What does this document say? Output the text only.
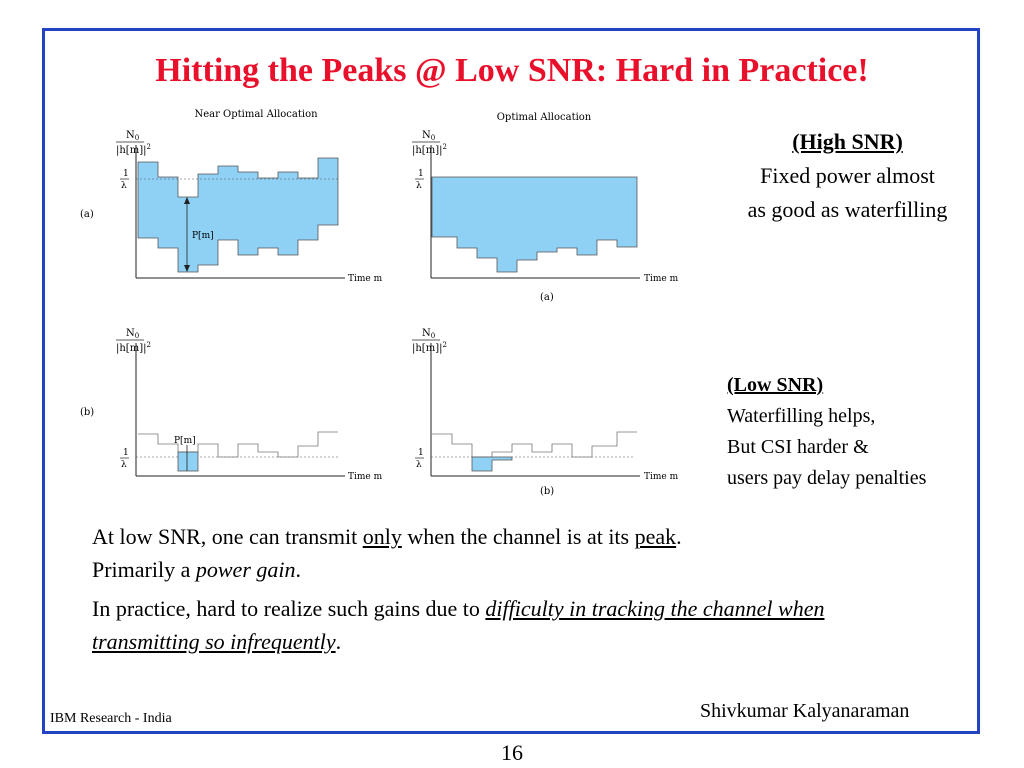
Hitting the Peaks @ Low SNR: Hard in Practice!
Near Optimal Allocation	Optimal Allocation
(a)
(b)
(a)
(b)
$N_0$
$|h[m]|^2$
1
λ
P[m]
Time m
$N_0$
$|h[m]|^2$
1
λ
Time m
$N_0$
$|h[m]|^2$
1
λ
P[m]
Time m
$N_0$
$|h[m]|^2$
1
λ
Time m
(High SNR)
Fixed power almost
as good as waterfilling
(Low SNR)
Waterfilling helps,
But CSI harder &
users pay delay penalties

At low SNR, one can transmit only when the channel is at its peak.
Primarily a power gain.

In practice, hard to realize such gains due to difficulty in tracking the channel when transmitting so infrequently.

IBM Research - India	Shivkumar Kalyanaraman
16
